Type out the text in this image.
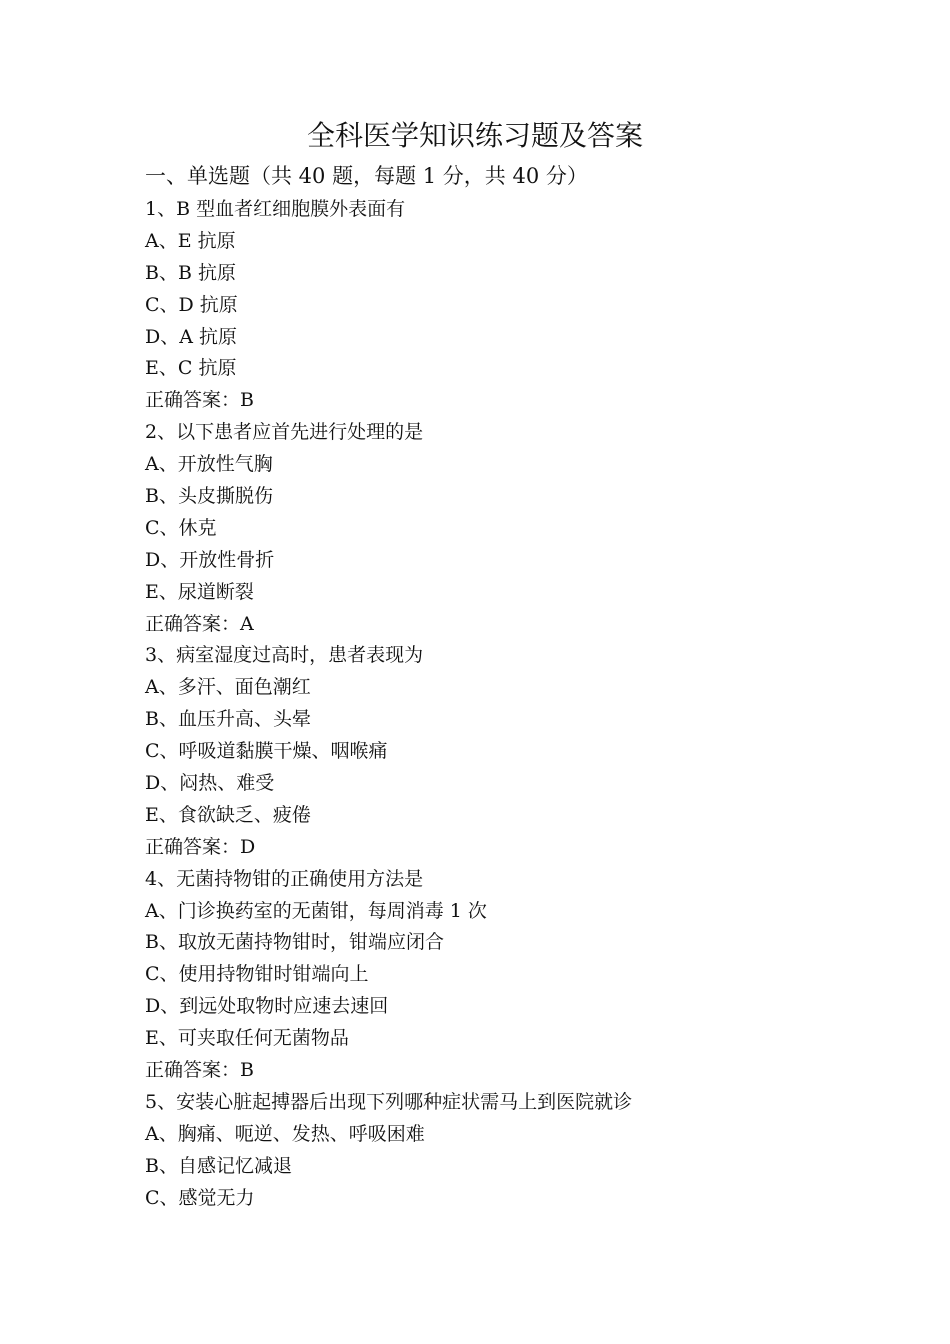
全科医学知识练习题及答案
一、单选题（共 40 题，每题 1 分，共 40 分）
1、B 型血者红细胞膜外表面有
A、E 抗原
B、B 抗原
C、D 抗原
D、A 抗原
E、C 抗原
正确答案：B
2、以下患者应首先进行处理的是
A、开放性气胸
B、头皮撕脱伤
C、休克
D、开放性骨折
E、尿道断裂
正确答案：A
3、病室湿度过高时，患者表现为
A、多汗、面色潮红
B、血压升高、头晕
C、呼吸道黏膜干燥、咽喉痛
D、闷热、难受
E、食欲缺乏、疲倦
正确答案：D
4、无菌持物钳的正确使用方法是
A、门诊换药室的无菌钳，每周消毒 1 次
B、取放无菌持物钳时，钳端应闭合
C、使用持物钳时钳端向上
D、到远处取物时应速去速回
E、可夹取任何无菌物品
正确答案：B
5、安装心脏起搏器后出现下列哪种症状需马上到医院就诊
A、胸痛、呃逆、发热、呼吸困难
B、自感记忆减退
C、感觉无力
